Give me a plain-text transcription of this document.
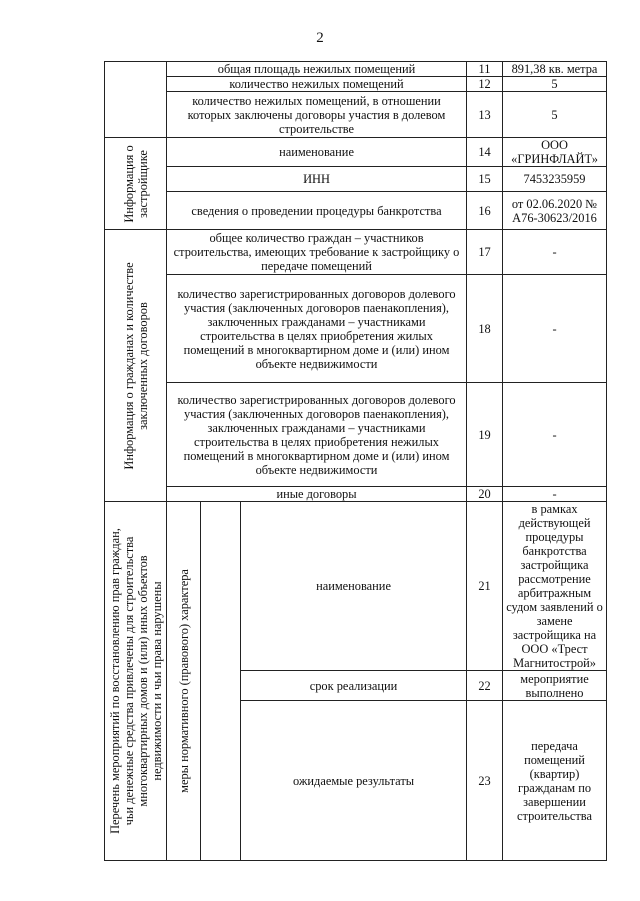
2
	общая площадь нежилых помещений			11	891,38 кв. метра
	количество нежилых помещений			12	5
	количество нежилых помещений, в отношении которых заключены договоры участия в долевом строительстве			13	5

Информация о застройщике	наименование			14	ООО «ГРИНФЛАЙТ»
	ИНН			15	7453235959
	сведения о проведении процедуры банкротства			16	от 02.06.2020 № А76-30623/2016

Информация о гражданах и количестве заключенных договоров	общее количество граждан – участников строительства, имеющих требование к застройщику о передаче помещений			17	-
	количество зарегистрированных договоров долевого участия (заключенных договоров паенакопления), заключенных гражданами – участниками строительства в целях приобретения жилых помещений в многоквартирном доме и (или) ином объекте недвижимости			18	-
	количество зарегистрированных договоров долевого участия (заключенных договоров паенакопления), заключенных гражданами – участниками строительства в целях приобретения нежилых помещений в многоквартирном доме и (или) ином объекте недвижимости			19	-
	иные договоры			20	-

Перечень мероприятий по восстановлению прав граждан, чьи денежные средства привлечены для строительства многоквартирных домов и (или) иных объектов недвижимости и чьи права нарушены	меры нормативного (правового) характера		наименование	21	в рамках действующей процедуры банкротства застройщика рассмотрение арбитражным судом заявлений о замене застройщика на ООО «Трест Магнитострой»
			срок реализации	22	мероприятие выполнено
			ожидаемые результаты	23	передача помещений (квартир) гражданам по завершении строительства
